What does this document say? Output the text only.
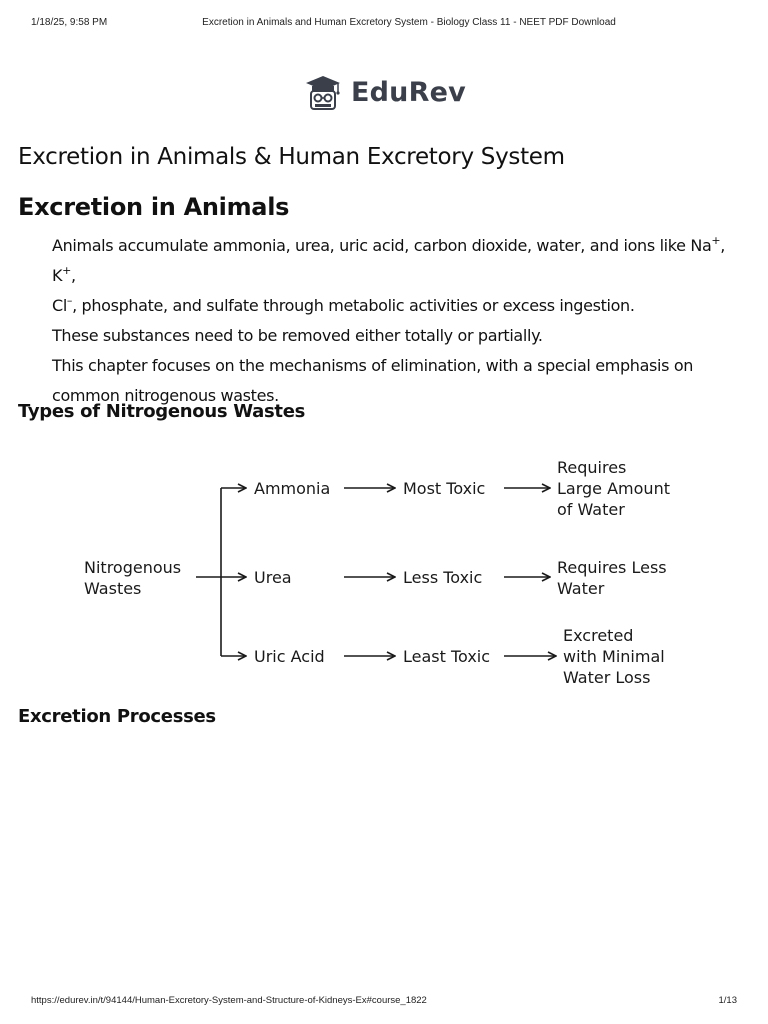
1/18/25, 9:58 PM	Excretion in Animals and Human Excretory System - Biology Class 11 - NEET PDF Download
EduRev
Excretion in Animals & Human Excretory System
Excretion in Animals

Animals accumulate ammonia, urea, uric acid, carbon dioxide, water, and ions like Na+, K+,
Cl–, phosphate, and sulfate through metabolic activities or excess ingestion.

These substances need to be removed either totally or partially.

This chapter focuses on the mechanisms of elimination, with a special emphasis on common nitrogenous wastes.

Types of Nitrogenous Wastes
Nitrogenous
Wastes
Ammonia	Most Toxic
Requires
Large Amount
of Water
Urea	Less Toxic
Requires Less
Water
Uric Acid	Least Toxic
Excreted
with Minimal
Water Loss
Excretion Processes
https://edurev.in/t/94144/Human-Excretory-System-and-Structure-of-Kidneys-Ex#course_1822	1/13
